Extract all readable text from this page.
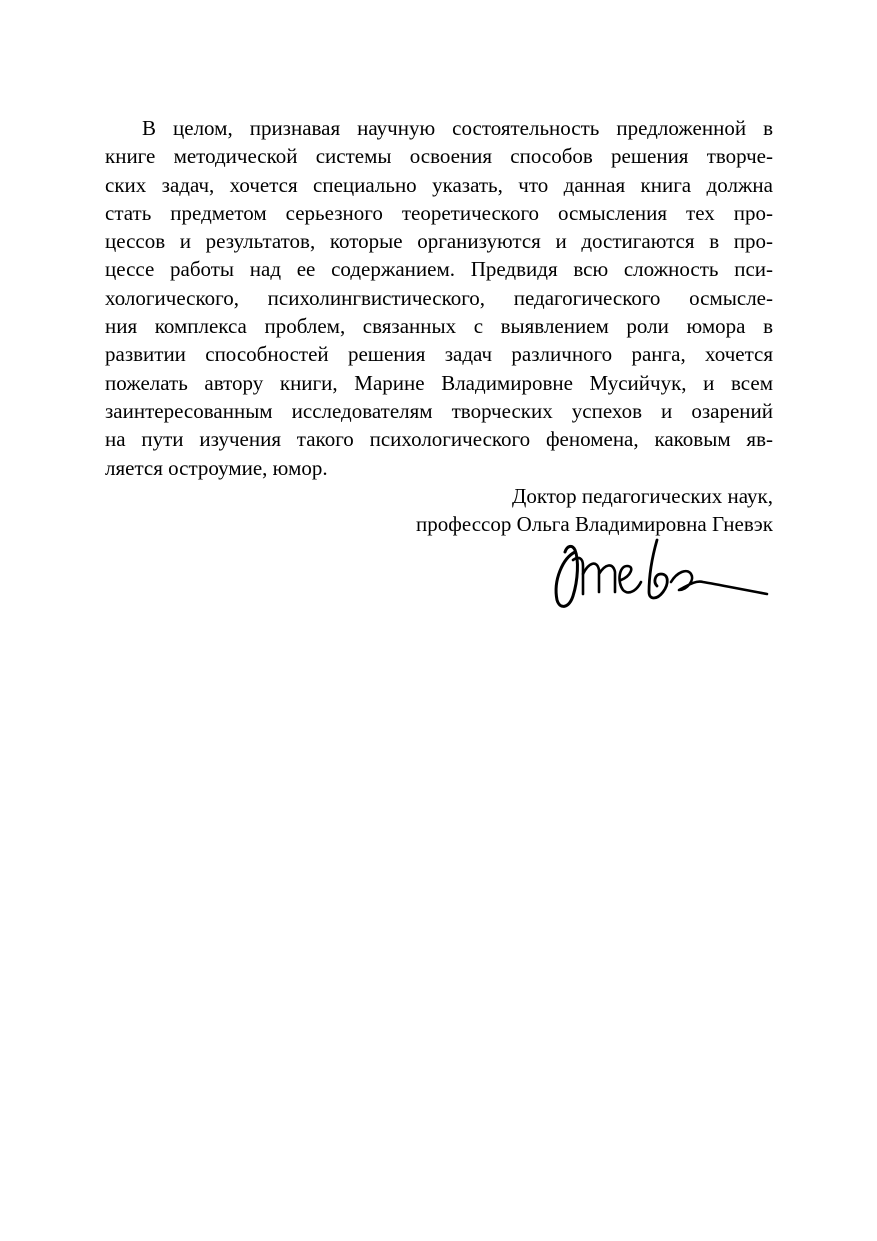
В целом, признавая научную состоятельность предложенной в
книге методической системы освоения способов решения творче-
ских задач, хочется специально указать, что данная книга должна
стать предметом серьезного теоретического осмысления тех про-
цессов и результатов, которые организуются и достигаются в про-
цессе работы над ее содержанием. Предвидя всю сложность пси-
хологического, психолингвистического, педагогического осмысле-
ния комплекса проблем, связанных с выявлением роли юмора в
развитии способностей решения задач различного ранга, хочется
пожелать автору книги, Марине Владимировне Мусийчук, и всем
заинтересованным исследователям творческих успехов и озарений
на пути изучения такого психологического феномена, каковым яв-
ляется остроумие, юмор.
Доктор педагогических наук,
профессор Ольга Владимировна Гневэк
